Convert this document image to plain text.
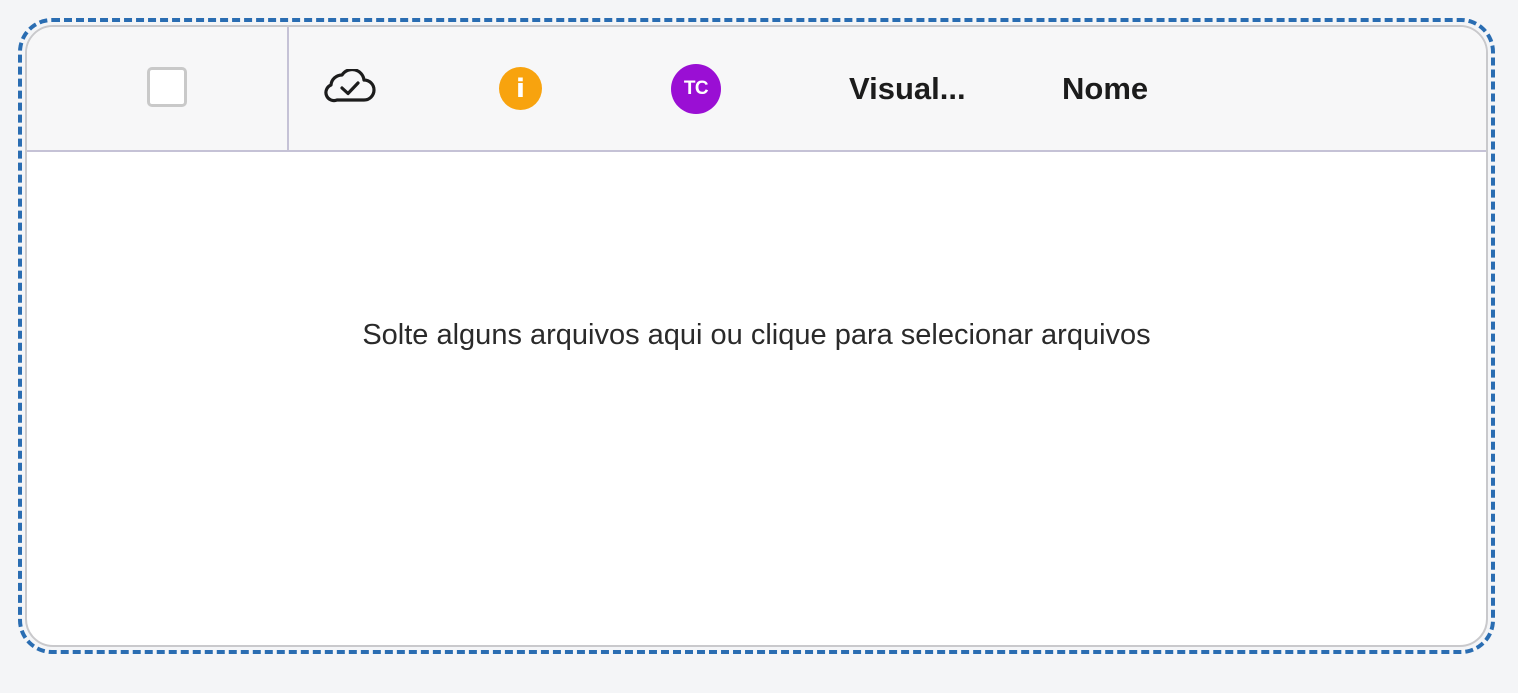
i	TC	Visual...	Nome
Solte alguns arquivos aqui ou clique para selecionar arquivos
